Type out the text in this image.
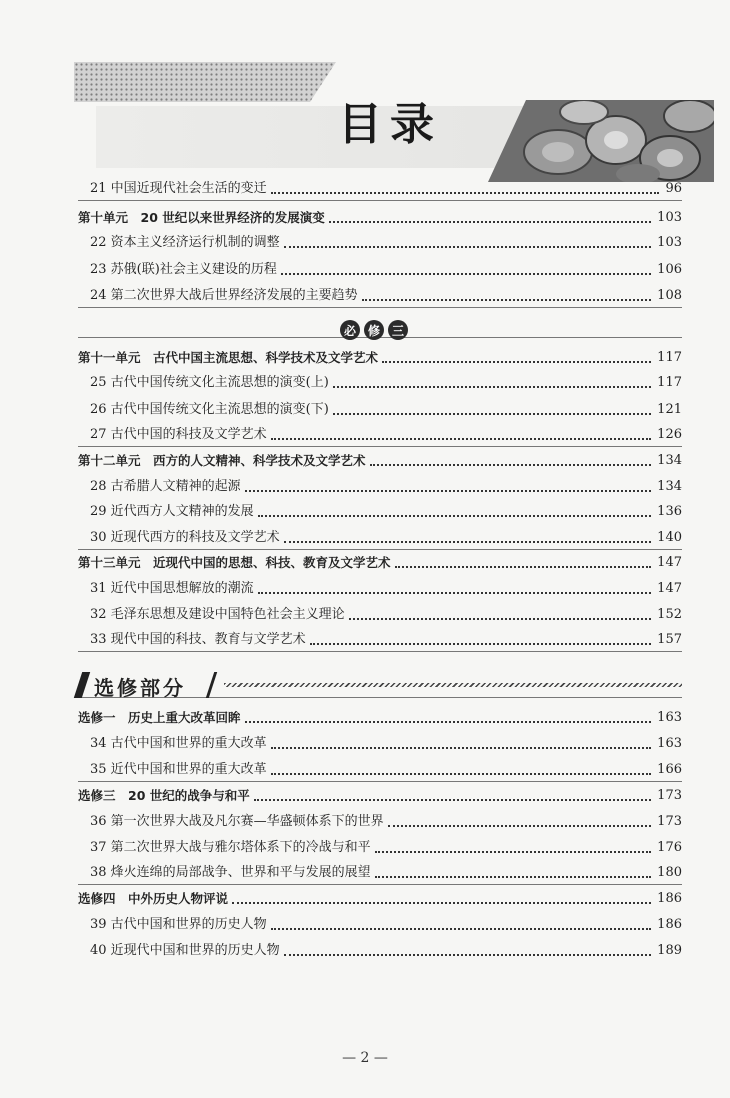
目录
21 中国近现代社会生活的变迁	96
第十单元　20 世纪以来世界经济的发展演变	103
22 资本主义经济运行机制的调整	103
23 苏俄(联)社会主义建设的历程	106
24 第二次世界大战后世界经济发展的主要趋势	108
第十一单元　古代中国主流思想、科学技术及文学艺术	117
25 古代中国传统文化主流思想的演变(上)	117
26 古代中国传统文化主流思想的演变(下)	121
27 古代中国的科技及文学艺术	126
第十二单元　西方的人文精神、科学技术及文学艺术	134
28 古希腊人文精神的起源	134
29 近代西方人文精神的发展	136
30 近现代西方的科技及文学艺术	140
第十三单元　近现代中国的思想、科技、教育及文学艺术	147
31 近代中国思想解放的潮流	147
32 毛泽东思想及建设中国特色社会主义理论	152
33 现代中国的科技、教育与文学艺术	157
选修一　历史上重大改革回眸	163
34 古代中国和世界的重大改革	163
35 近代中国和世界的重大改革	166
选修三　20 世纪的战争与和平	173
36 第一次世界大战及凡尔赛—华盛顿体系下的世界	173
37 第二次世界大战与雅尔塔体系下的冷战与和平	176
38 烽火连绵的局部战争、世界和平与发展的展望	180
选修四　中外历史人物评说	186
39 古代中国和世界的历史人物	186
40 近现代中国和世界的历史人物	189
必 修 三
选修部分
— 2 —
